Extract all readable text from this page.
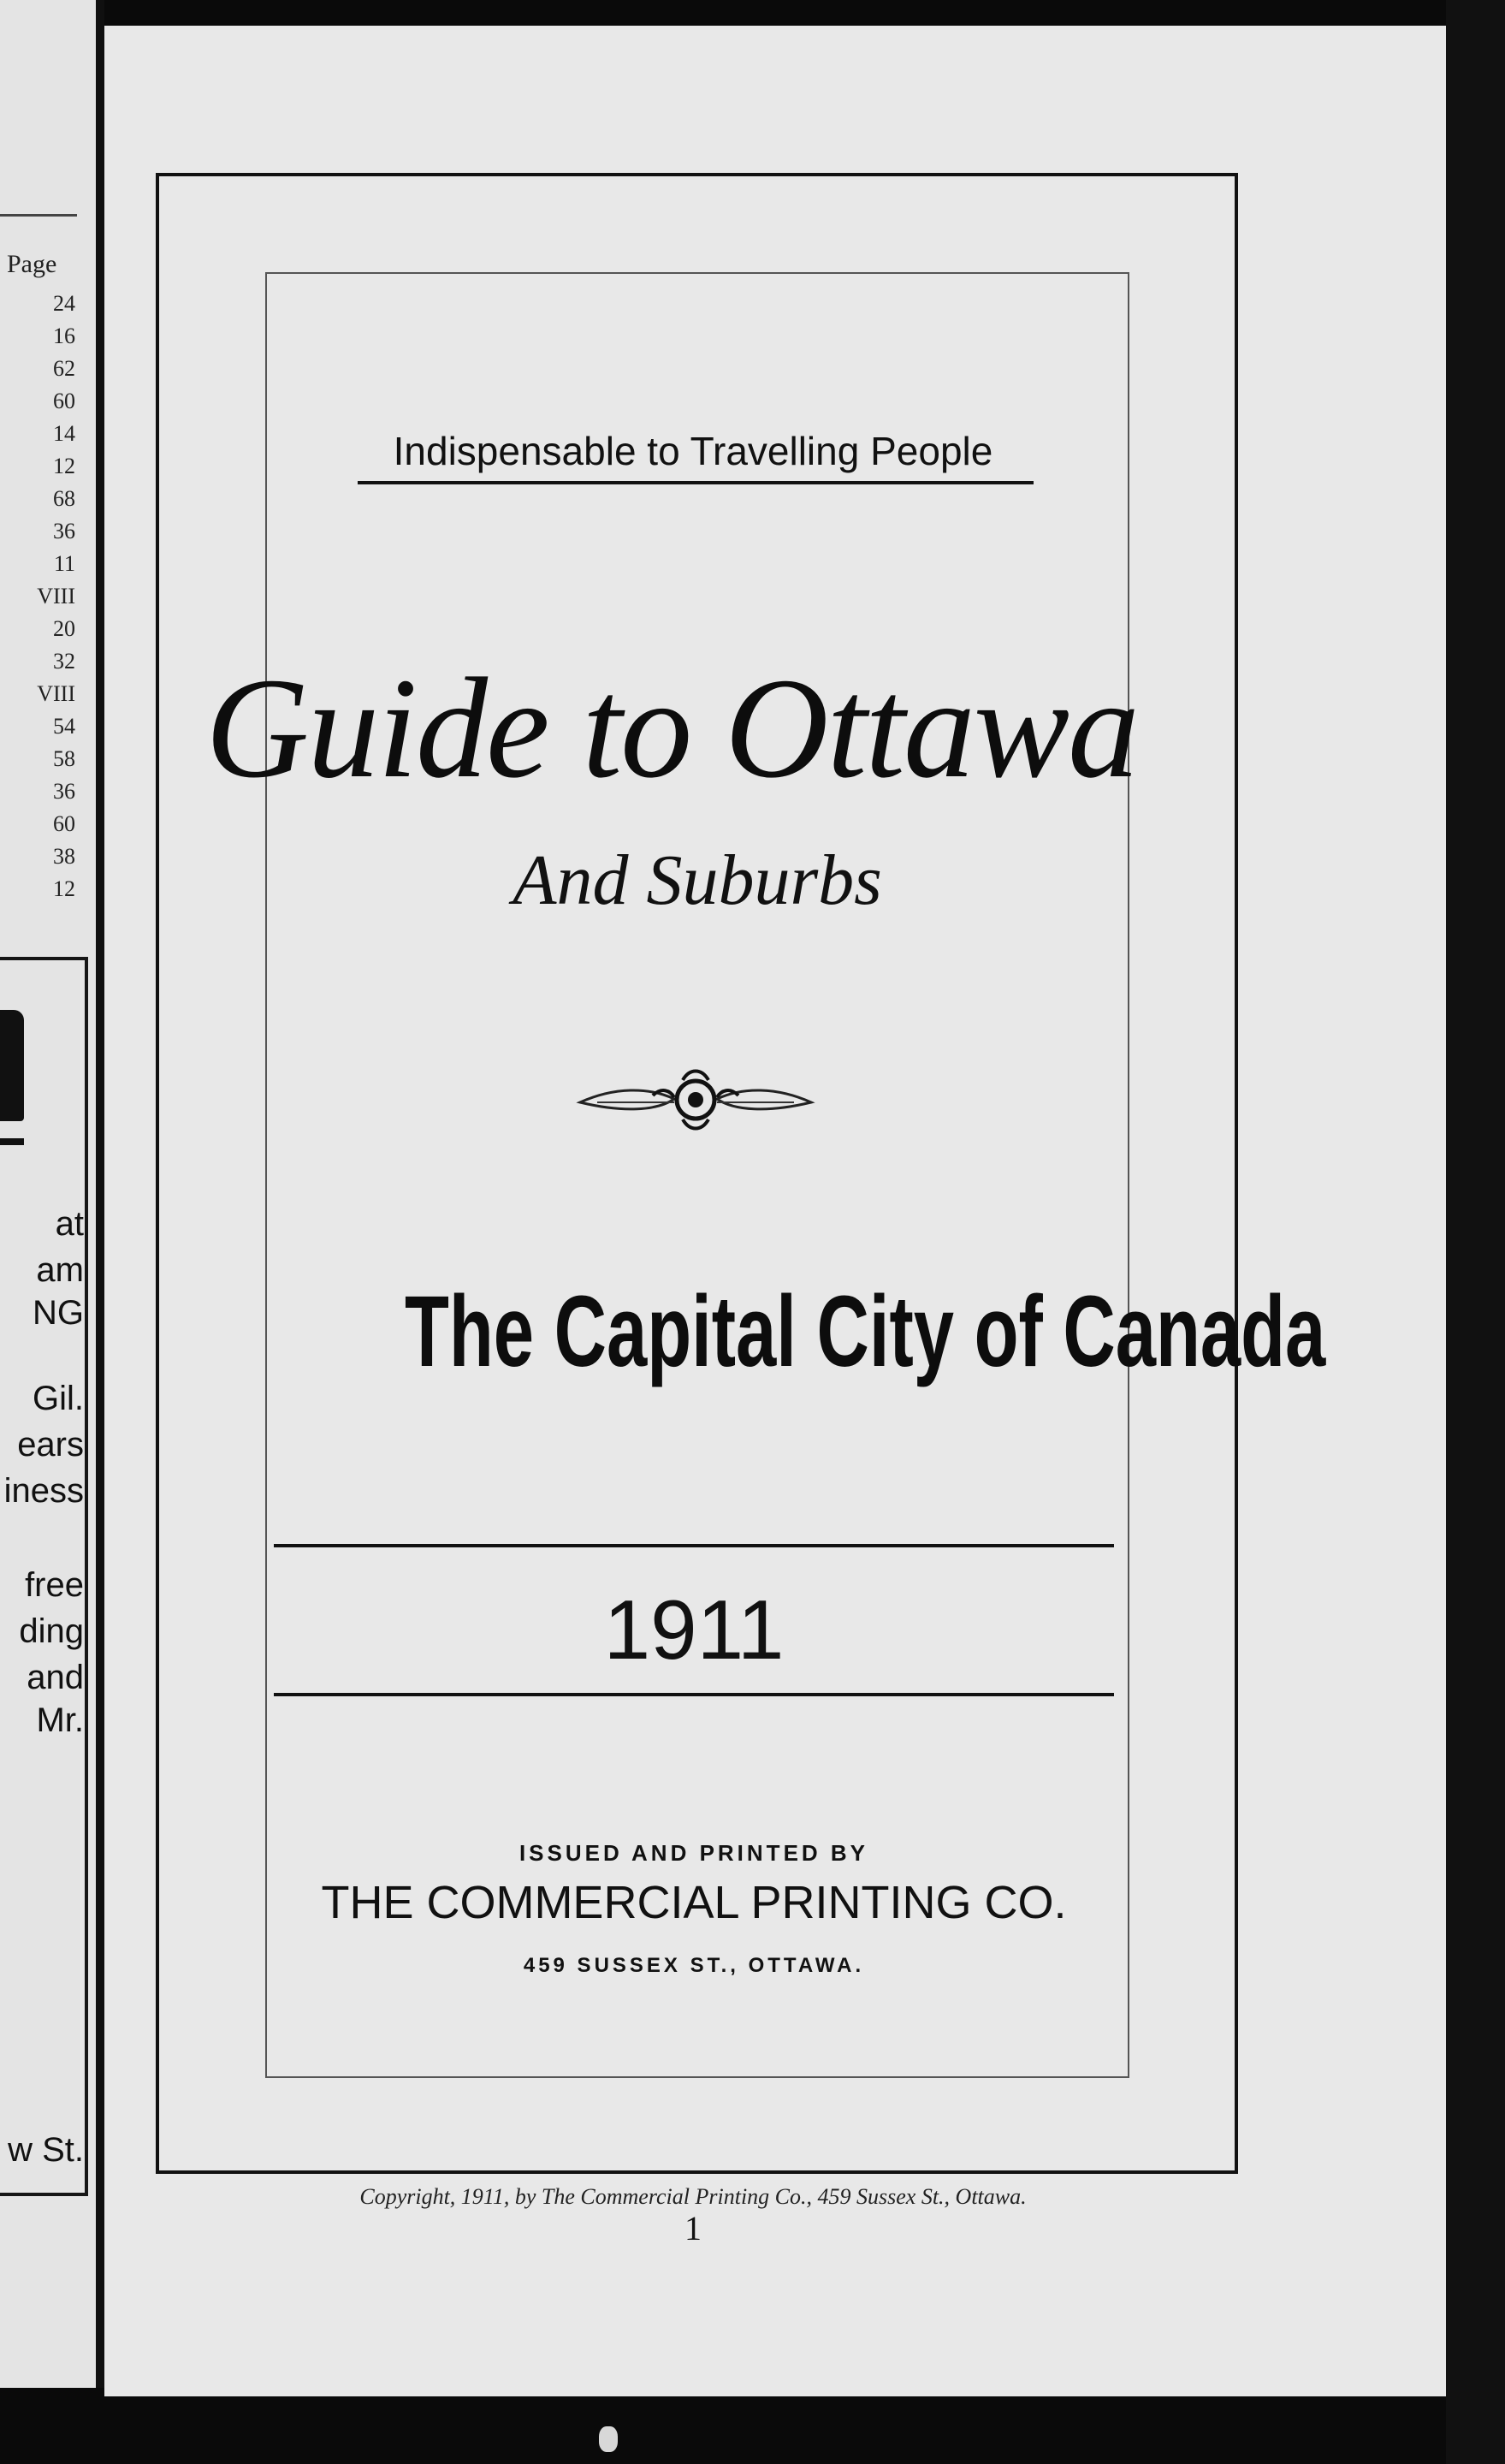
Page
24
16
62
60
14
12
68
36
11
VIII
20
32
VIII
54
58
36
60
38
12
at
am
NG
Gil.
ears
iness
free
ding
and
Mr.
w St.
Indispensable to Travelling People
Guide to Ottawa
And Suburbs
The Capital City of Canada
1911
ISSUED AND PRINTED BY
THE COMMERCIAL PRINTING CO.
459 SUSSEX ST., OTTAWA.
Copyright, 1911, by The Commercial Printing Co., 459 Sussex St., Ottawa.
1
